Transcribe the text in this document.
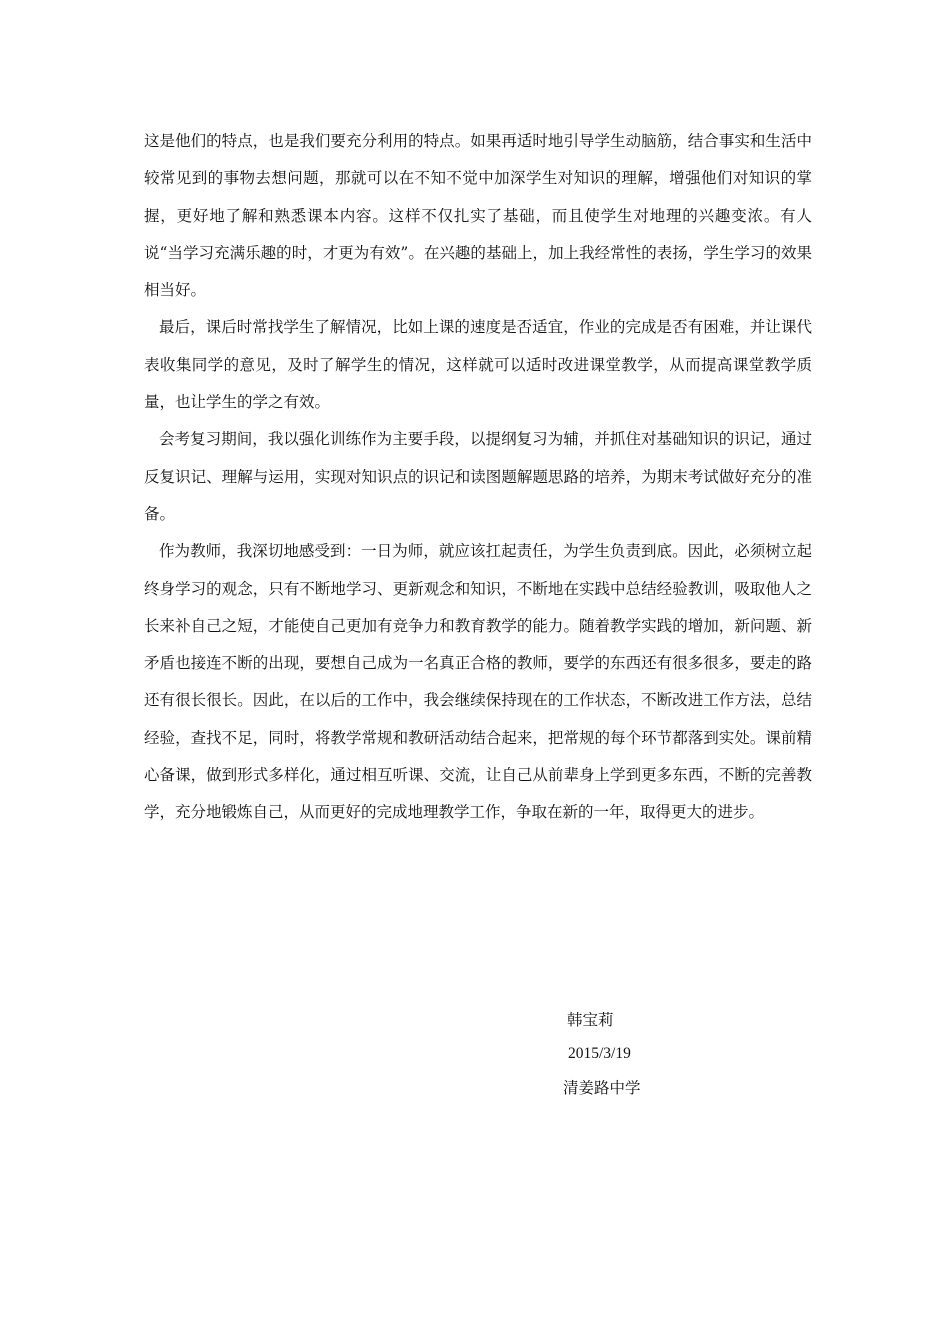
这是他们的特点，也是我们要充分利用的特点。如果再适时地引导学生动脑筋，结合事实和生活中较常见到的事物去想问题，那就可以在不知不觉中加深学生对知识的理解，增强他们对知识的掌握，更好地了解和熟悉课本内容。这样不仅扎实了基础，而且使学生对地理的兴趣变浓。有人说“当学习充满乐趣的时，才更为有效”。在兴趣的基础上，加上我经常性的表扬，学生学习的效果相当好。

最后，课后时常找学生了解情况，比如上课的速度是否适宜，作业的完成是否有困难，并让课代表收集同学的意见，及时了解学生的情况，这样就可以适时改进课堂教学，从而提高课堂教学质量，也让学生的学之有效。

会考复习期间，我以强化训练作为主要手段，以提纲复习为辅，并抓住对基础知识的识记，通过反复识记、理解与运用，实现对知识点的识记和读图题解题思路的培养，为期末考试做好充分的准备。

作为教师，我深切地感受到：一日为师，就应该扛起责任，为学生负责到底。因此，必须树立起终身学习的观念，只有不断地学习、更新观念和知识，不断地在实践中总结经验教训，吸取他人之长来补自己之短，才能使自己更加有竞争力和教育教学的能力。随着教学实践的增加，新问题、新矛盾也接连不断的出现，要想自己成为一名真正合格的教师，要学的东西还有很多很多，要走的路还有很长很长。因此，在以后的工作中，我会继续保持现在的工作状态，不断改进工作方法，总结经验，查找不足，同时，将教学常规和教研活动结合起来，把常规的每个环节都落到实处。课前精心备课，做到形式多样化，通过相互听课、交流，让自己从前辈身上学到更多东西，不断的完善教学，充分地锻炼自己，从而更好的完成地理教学工作，争取在新的一年，取得更大的进步。

韩宝莉
2015/3/19
清姜路中学
